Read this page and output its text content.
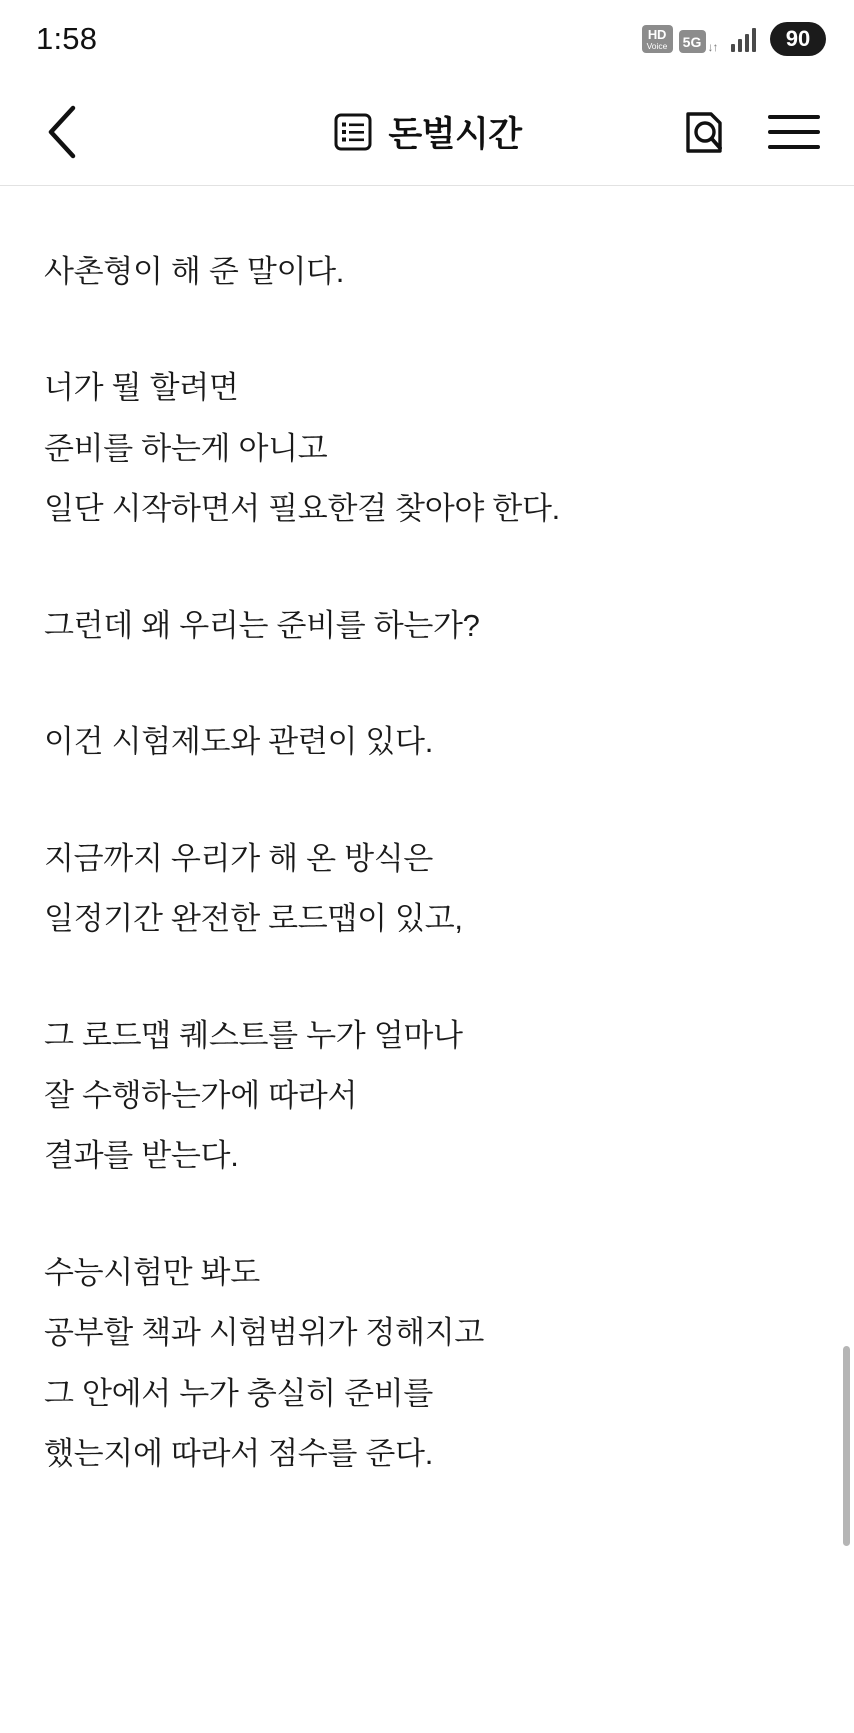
1:58	HD
Voice 5G ↓↑	90
돈벌시간
사촌형이 해 준 말이다.
너가 뭘 할려면
준비를 하는게 아니고
일단 시작하면서 필요한걸 찾아야 한다.
그런데 왜 우리는 준비를 하는가?
이건 시험제도와 관련이 있다.
지금까지 우리가 해 온 방식은
일정기간 완전한 로드맵이 있고,
그 로드맵 퀘스트를 누가 얼마나
잘 수행하는가에 따라서
결과를 받는다.
수능시험만 봐도
공부할 책과 시험범위가 정해지고
그 안에서 누가 충실히 준비를
했는지에 따라서 점수를 준다.
